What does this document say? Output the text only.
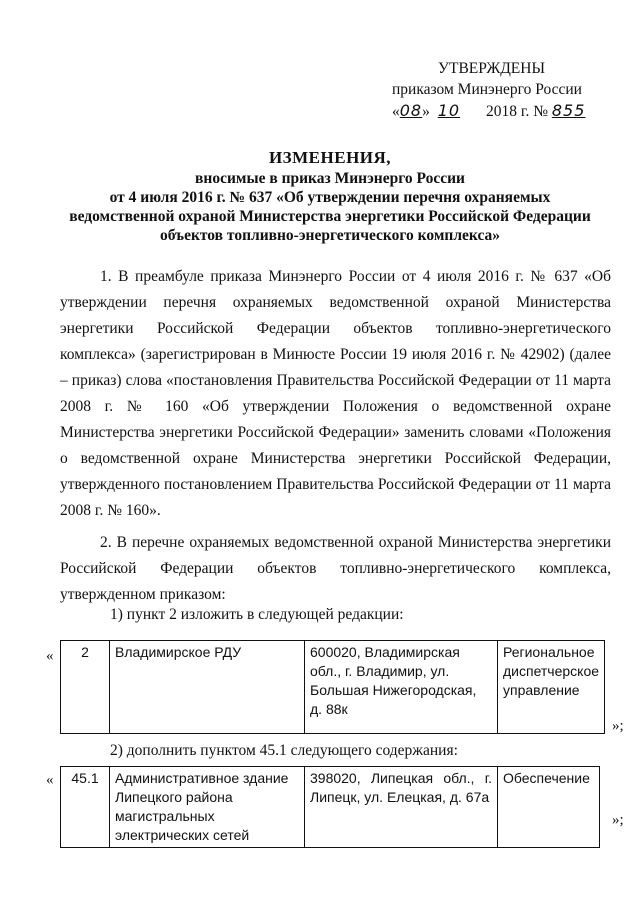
УТВЕРЖДЕНЫ
приказом Минэнерго России
«08» 10 2018 г. № 855
ИЗМЕНЕНИЯ,
вносимые в приказ Минэнерго России
от 4 июля 2016 г. № 637 «Об утверждении перечня охраняемых
ведомственной охраной Министерства энергетики Российской Федерации
объектов топливно-энергетического комплекса»

1. В преамбуле приказа Минэнерго России от 4 июля 2016 г. № 637 «Об утверждении перечня охраняемых ведомственной охраной Министерства энергетики Российской Федерации объектов топливно-энергетического комплекса» (зарегистрирован в Минюсте России 19 июля 2016 г. № 42902) (далее – приказ) слова «постановления Правительства Российской Федерации от 11 марта 2008 г. № 160 «Об утверждении Положения о ведомственной охране Министерства энергетики Российской Федерации» заменить словами «Положения о ведомственной охране Министерства энергетики Российской Федерации, утвержденного постановлением Правительства Российской Федерации от 11 марта 2008 г. № 160».

2. В перечне охраняемых ведомственной охраной Министерства энергетики Российской Федерации объектов топливно-энергетического комплекса, утвержденном приказом:

1) пункт 2 изложить в следующей редакции:
« 2	Владимирское РДУ	600020, Владимирская обл., г. Владимир, ул. Большая Нижегородская, д. 88к	Региональное диспетчерское управление
»;
2) дополнить пунктом 45.1 следующего содержания:
« 45.1	Административное здание Липецкого района магистральных электрических сетей	398020, Липецкая обл., г. Липецк, ул. Елецкая, д. 67а	Обеспечение
»;
